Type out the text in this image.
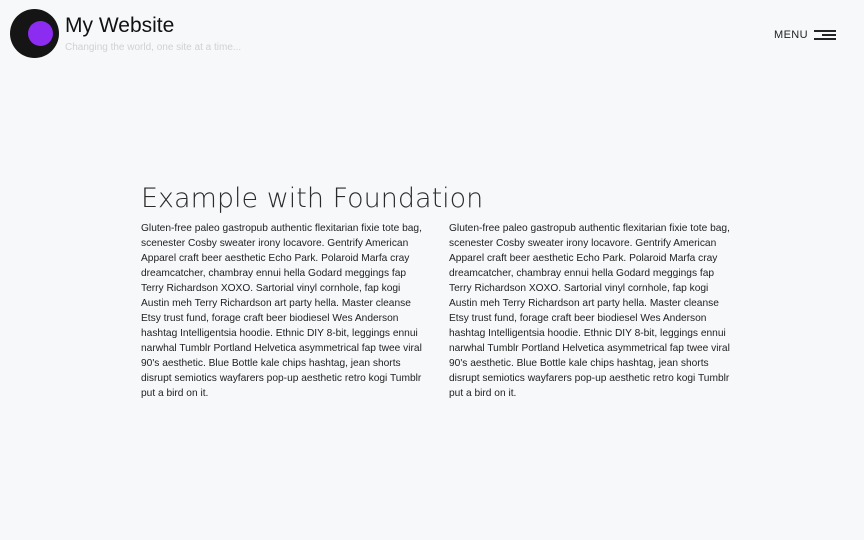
My Website
Changing the world, one site at a time...
MENU
Example with Foundation

Gluten-free paleo gastropub authentic flexitarian fixie tote bag, scenester Cosby sweater irony locavore. Gentrify American Apparel craft beer aesthetic Echo Park. Polaroid Marfa cray dreamcatcher, chambray ennui hella Godard meggings fap Terry Richardson XOXO. Sartorial vinyl cornhole, fap kogi Austin meh Terry Richardson art party hella. Master cleanse Etsy trust fund, forage craft beer biodiesel Wes Anderson hashtag Intelligentsia hoodie. Ethnic DIY 8-bit, leggings ennui narwhal Tumblr Portland Helvetica asymmetrical fap twee viral 90's aesthetic. Blue Bottle kale chips hashtag, jean shorts disrupt semiotics wayfarers pop-up aesthetic retro kogi Tumblr put a bird on it.

Gluten-free paleo gastropub authentic flexitarian fixie tote bag, scenester Cosby sweater irony locavore. Gentrify American Apparel craft beer aesthetic Echo Park. Polaroid Marfa cray dreamcatcher, chambray ennui hella Godard meggings fap Terry Richardson XOXO. Sartorial vinyl cornhole, fap kogi Austin meh Terry Richardson art party hella. Master cleanse Etsy trust fund, forage craft beer biodiesel Wes Anderson hashtag Intelligentsia hoodie. Ethnic DIY 8-bit, leggings ennui narwhal Tumblr Portland Helvetica asymmetrical fap twee viral 90's aesthetic. Blue Bottle kale chips hashtag, jean shorts disrupt semiotics wayfarers pop-up aesthetic retro kogi Tumblr put a bird on it.
